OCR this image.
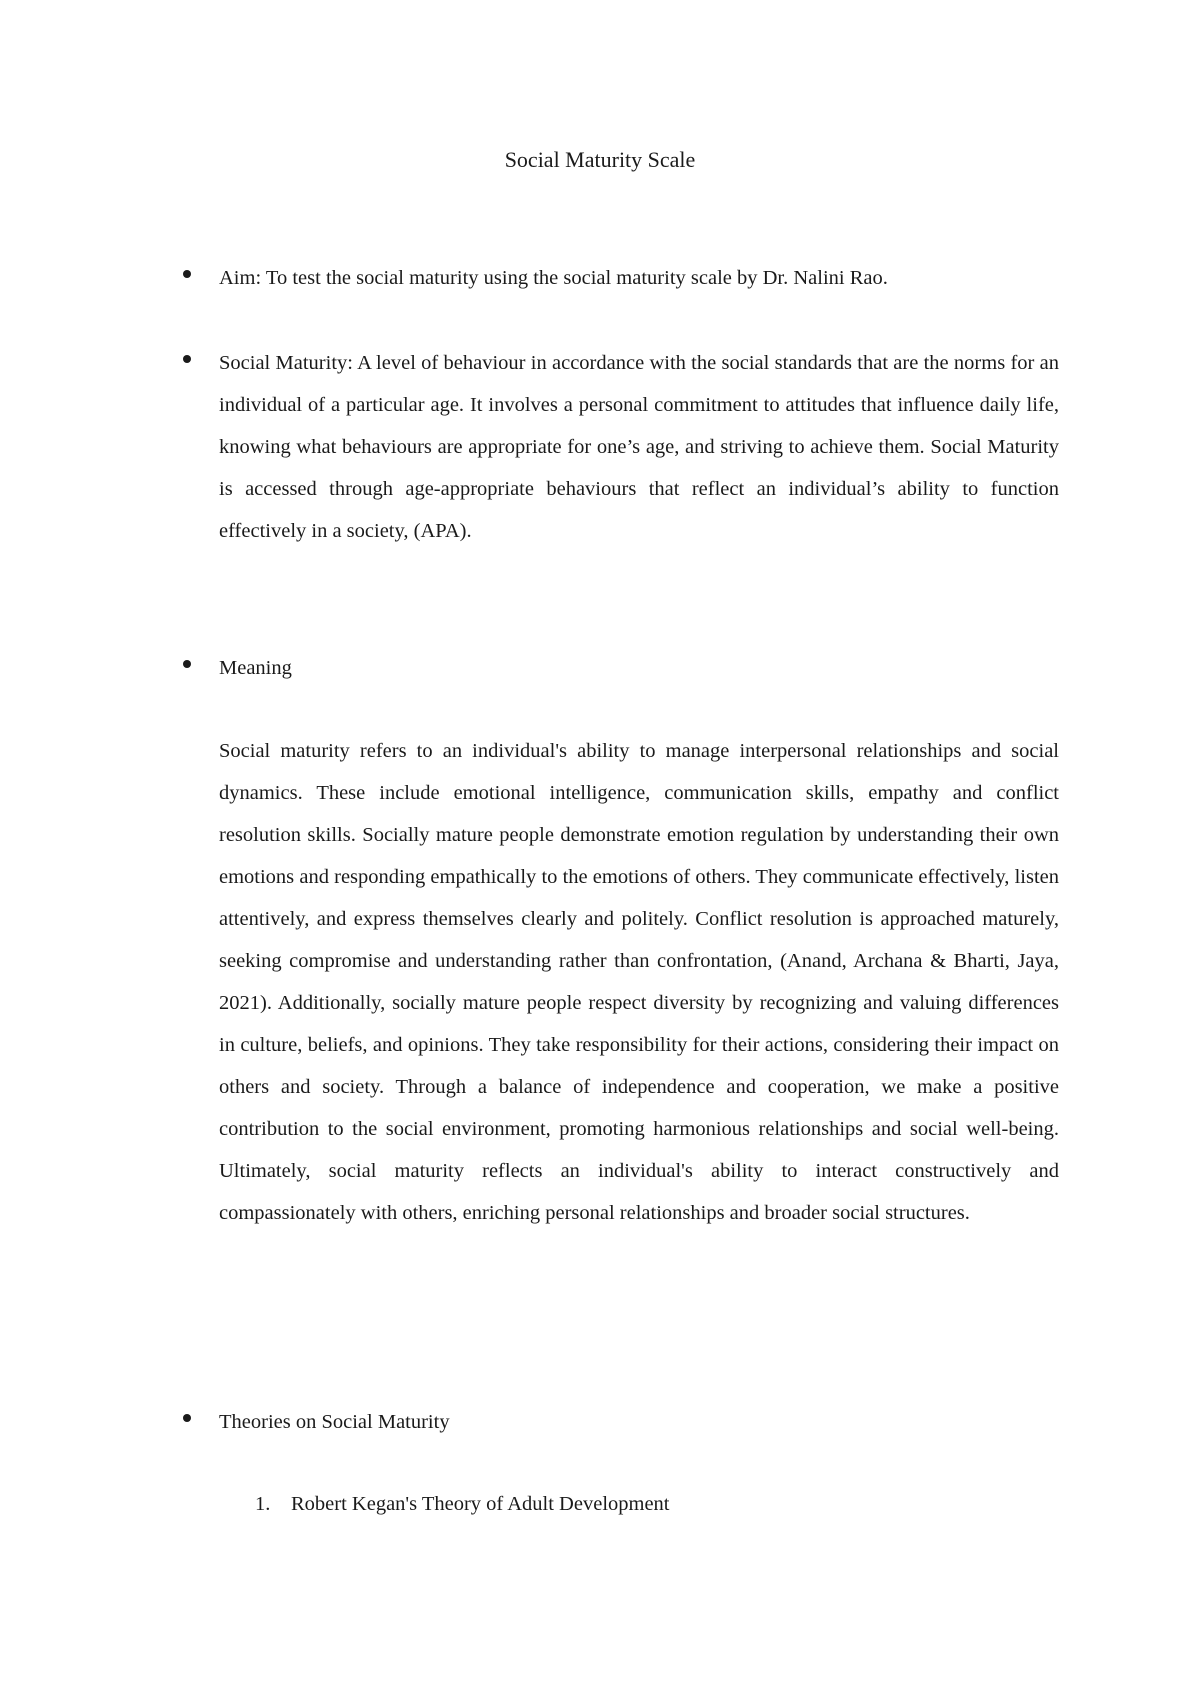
Social Maturity Scale
Aim: To test the social maturity using the social maturity scale by Dr. Nalini Rao.
Social Maturity: A level of behaviour in accordance with the social standards that are the norms for an individual of a particular age. It involves a personal commitment to attitudes that influence daily life, knowing what behaviours are appropriate for one’s age, and striving to achieve them. Social Maturity is accessed through age-appropriate behaviours that reflect an individual’s ability to function effectively in a society, (APA).
Meaning
Social maturity refers to an individual's ability to manage interpersonal relationships and social dynamics. These include emotional intelligence, communication skills, empathy and conflict resolution skills. Socially mature people demonstrate emotion regulation by understanding their own emotions and responding empathically to the emotions of others. They communicate effectively, listen attentively, and express themselves clearly and politely. Conflict resolution is approached maturely, seeking compromise and understanding rather than confrontation, (Anand, Archana & Bharti, Jaya, 2021). Additionally, socially mature people respect diversity by recognizing and valuing differences in culture, beliefs, and opinions. They take responsibility for their actions, considering their impact on others and society. Through a balance of independence and cooperation, we make a positive contribution to the social environment, promoting harmonious relationships and social well-being. Ultimately, social maturity reflects an individual's ability to interact constructively and compassionately with others, enriching personal relationships and broader social structures.
Theories on Social Maturity
1. Robert Kegan's Theory of Adult Development
